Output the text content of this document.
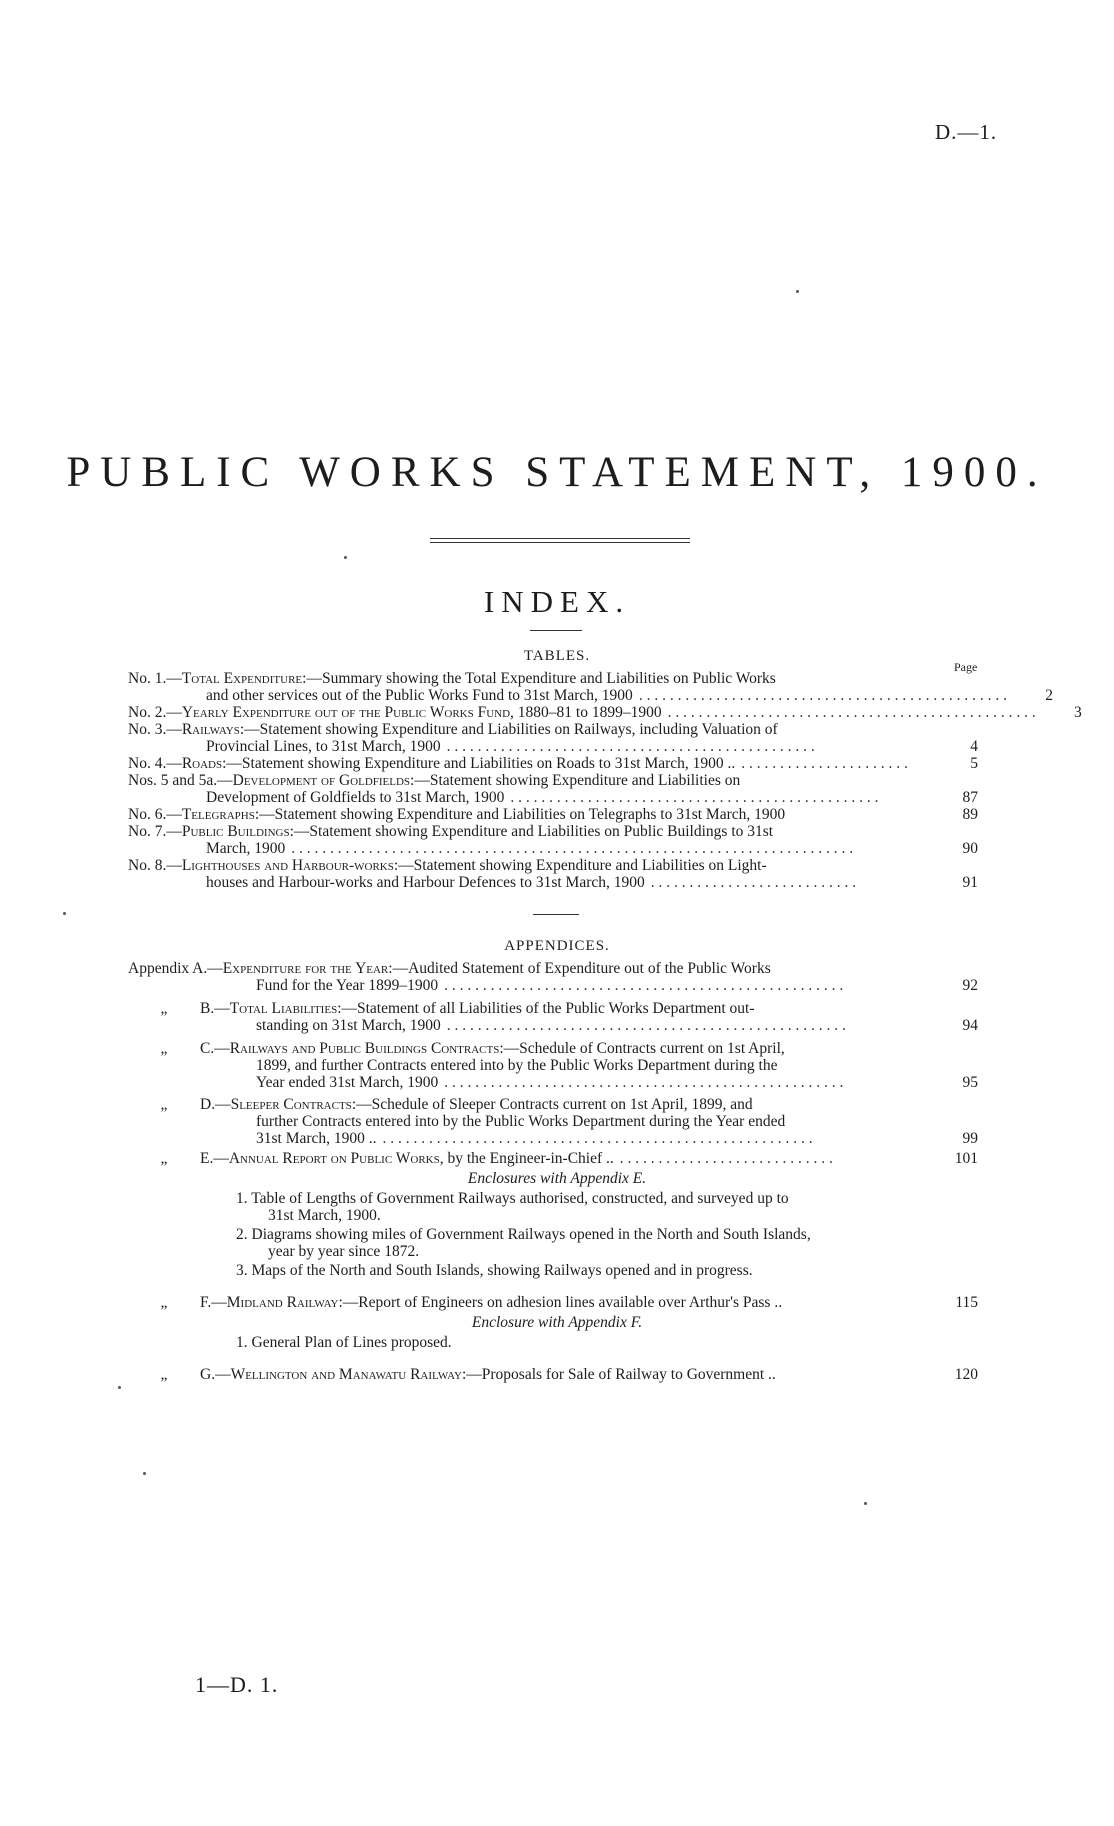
D.—1.
PUBLIC WORKS STATEMENT, 1900.
INDEX.
TABLES.
Page
No. 1.— Total Expenditure :—Summary showing the Total Expenditure and Liabilities on Public Works
and other services out of the Public Works Fund to 31st March, 1900 . . . . . . . . . . . . . . . . . . . . . . . . . . . . . . . . . . . . . . . . . . . . . . . .	2
No. 2.— Yearly Expenditure out of the Public Works Fund , 1880–81 to 1899–1900 . . . . . . . . . . . . . . . . . . . . . . . . . . . . . . . . . . . . . . . . . . . . . . . .	3
No. 3.— Railways :—Statement showing Expenditure and Liabilities on Railways, including Valuation of
Provincial Lines, to 31st March, 1900 . . . . . . . . . . . . . . . . . . . . . . . . . . . . . . . . . . . . . . . . . . . . . . . .	4
No. 4.— Roads :—Statement showing Expenditure and Liabilities on Roads to 31st March, 1900 .. . . . . . . . . . . . . . . . . . . . . . .	5
Nos. 5 and 5a.— Development of Goldfields :—Statement showing Expenditure and Liabilities on
Development of Goldfields to 31st March, 1900 . . . . . . . . . . . . . . . . . . . . . . . . . . . . . . . . . . . . . . . . . . . . . . . .	87
No. 6.— Telegraphs :—Statement showing Expenditure and Liabilities on Telegraphs to 31st March, 1900	89
No. 7.— Public Buildings :—Statement showing Expenditure and Liabilities on Public Buildings to 31st
March, 1900 . . . . . . . . . . . . . . . . . . . . . . . . . . . . . . . . . . . . . . . . . . . . . . . . . . . . . . . . . . . . . . . . . . . . . . . . .	90
No. 8.— Lighthouses and Harbour-works :—Statement showing Expenditure and Liabilities on Light-
houses and Harbour-works and Harbour Defences to 31st March, 1900 . . . . . . . . . . . . . . . . . . . . . . . . . . .	91
APPENDICES.
Appendix A.— Expenditure for the Year :—Audited Statement of Expenditure out of the Public Works
Fund for the Year 1899–1900 . . . . . . . . . . . . . . . . . . . . . . . . . . . . . . . . . . . . . . . . . . . . . . . . . . . .	92
„	B.— Total Liabilities :—Statement of all Liabilities of the Public Works Department out-
standing on 31st March, 1900 . . . . . . . . . . . . . . . . . . . . . . . . . . . . . . . . . . . . . . . . . . . . . . . . . . . .	94
„	C.— Railways and Public Buildings Contracts :—Schedule of Contracts current on 1st April,
1899, and further Contracts entered into by the Public Works Department during the
Year ended 31st March, 1900 . . . . . . . . . . . . . . . . . . . . . . . . . . . . . . . . . . . . . . . . . . . . . . . . . . . .	95
„	D.— Sleeper Contracts :—Schedule of Sleeper Contracts current on 1st April, 1899, and
further Contracts entered into by the Public Works Department during the Year ended
31st March, 1900 .. . . . . . . . . . . . . . . . . . . . . . . . . . . . . . . . . . . . . . . . . . . . . . . . . . . . . . . . .	99
„	E.— Annual Report on Public Works , by the Engineer-in-Chief .. . . . . . . . . . . . . . . . . . . . . . . . . . . . .	101
Enclosures with Appendix E.
1. Table of Lengths of Government Railways authorised, constructed, and surveyed up to
31st March, 1900.
2. Diagrams showing miles of Government Railways opened in the North and South Islands,
year by year since 1872.
3. Maps of the North and South Islands, showing Railways opened and in progress.
„	F.— Midland Railway :—Report of Engineers on adhesion lines available over Arthur's Pass ..	115
Enclosure with Appendix F.
1. General Plan of Lines proposed.
„	G.— Wellington and Manawatu Railway :—Proposals for Sale of Railway to Government ..	120
1—D. 1.
